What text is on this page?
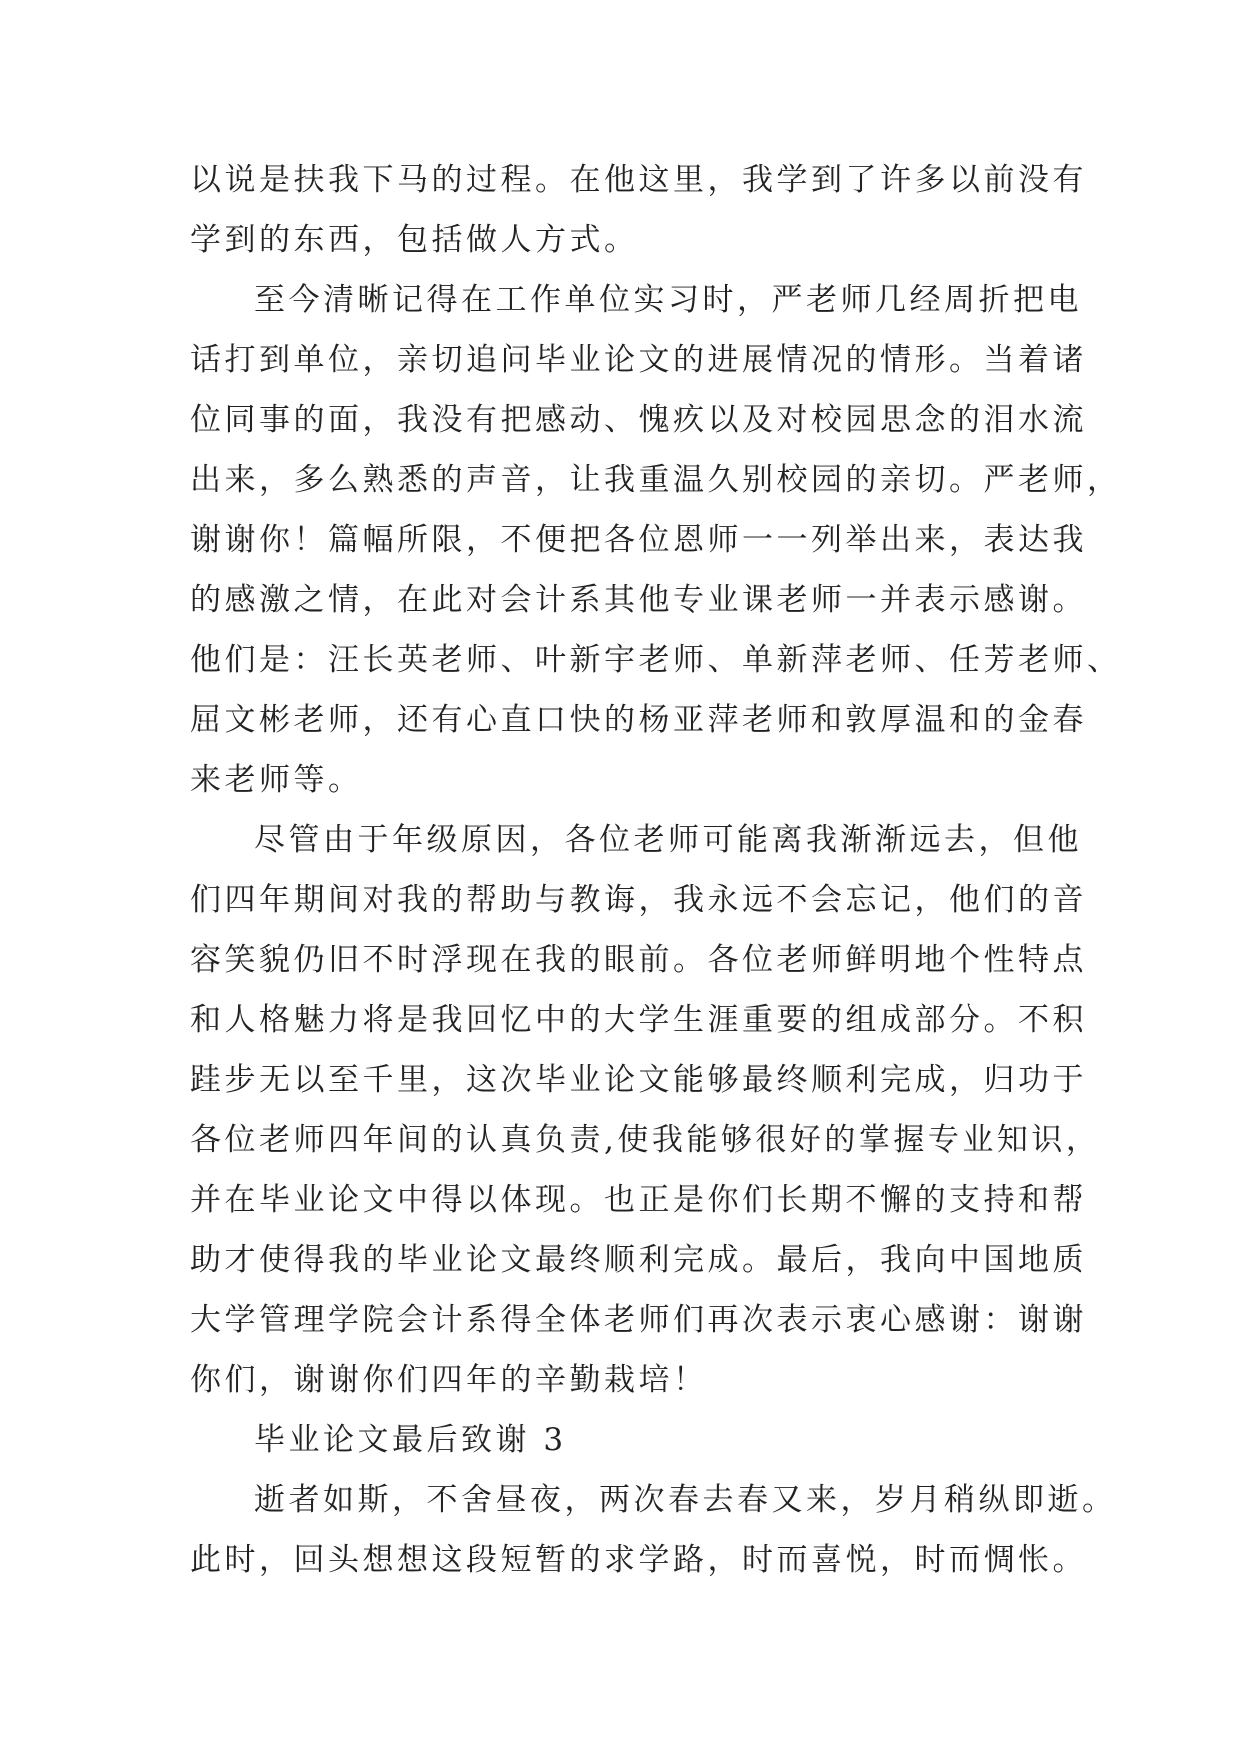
以说是扶我下马的过程。在他这里，我学到了许多以前没有
学到的东西，包括做人方式。
至今清晰记得在工作单位实习时，严老师几经周折把电
话打到单位，亲切追问毕业论文的进展情况的情形。当着诸
位同事的面，我没有把感动、愧疚以及对校园思念的泪水流
出来，多么熟悉的声音，让我重温久别校园的亲切。严老师，
谢谢你！篇幅所限，不便把各位恩师一一列举出来，表达我
的感激之情，在此对会计系其他专业课老师一并表示感谢。
他们是：汪长英老师、叶新宇老师、单新萍老师、任芳老师、
屈文彬老师，还有心直口快的杨亚萍老师和敦厚温和的金春
来老师等。
尽管由于年级原因，各位老师可能离我渐渐远去，但他
们四年期间对我的帮助与教诲，我永远不会忘记，他们的音
容笑貌仍旧不时浮现在我的眼前。各位老师鲜明地个性特点
和人格魅力将是我回忆中的大学生涯重要的组成部分。不积
跬步无以至千里，这次毕业论文能够最终顺利完成，归功于
各位老师四年间的认真负责,使我能够很好的掌握专业知识，
并在毕业论文中得以体现。也正是你们长期不懈的支持和帮
助才使得我的毕业论文最终顺利完成。最后，我向中国地质
大学管理学院会计系得全体老师们再次表示衷心感谢：谢谢
你们，谢谢你们四年的辛勤栽培！
毕业论文最后致谢 3
逝者如斯，不舍昼夜，两次春去春又来，岁月稍纵即逝。
此时，回头想想这段短暂的求学路，时而喜悦，时而惆怅。
